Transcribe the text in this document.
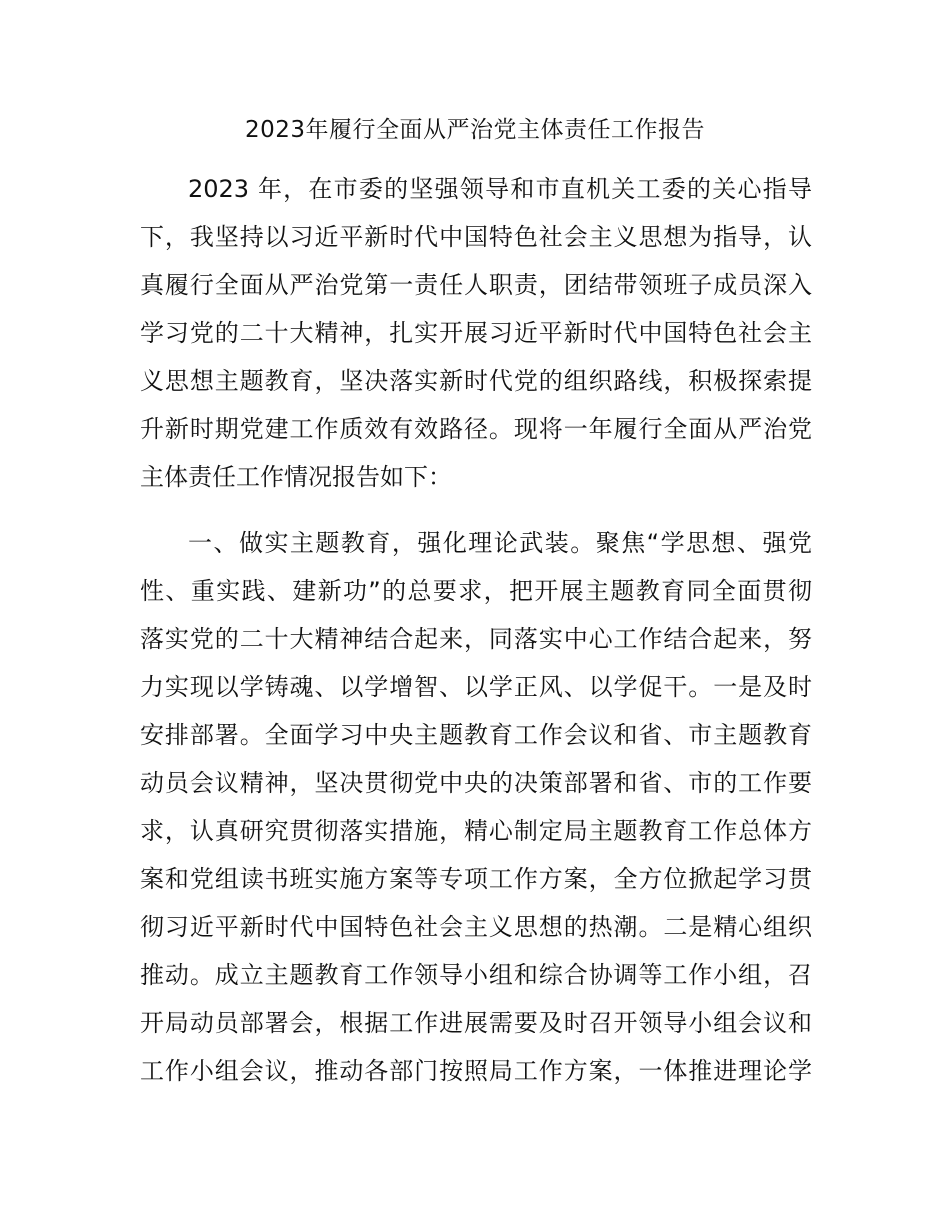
2023年履行全面从严治党主体责任工作报告

2023 年，在市委的坚强领导和市直机关工委的关心指导

下，我坚持以习近平新时代中国特色社会主义思想为指导，认

真履行全面从严治党第一责任人职责，团结带领班子成员深入

学习党的二十大精神，扎实开展习近平新时代中国特色社会主

义思想主题教育，坚决落实新时代党的组织路线，积极探索提

升新时期党建工作质效有效路径。现将一年履行全面从严治党

主体责任工作情况报告如下：

一、做实主题教育，强化理论武装。聚焦“学思想、强党

性、重实践、建新功”的总要求，把开展主题教育同全面贯彻

落实党的二十大精神结合起来，同落实中心工作结合起来，努

力实现以学铸魂、以学增智、以学正风、以学促干。一是及时

安排部署。全面学习中央主题教育工作会议和省、市主题教育

动员会议精神，坚决贯彻党中央的决策部署和省、市的工作要

求，认真研究贯彻落实措施，精心制定局主题教育工作总体方

案和党组读书班实施方案等专项工作方案，全方位掀起学习贯

彻习近平新时代中国特色社会主义思想的热潮。二是精心组织

推动。成立主题教育工作领导小组和综合协调等工作小组，召

开局动员部署会，根据工作进展需要及时召开领导小组会议和

工作小组会议，推动各部门按照局工作方案，一体推进理论学
